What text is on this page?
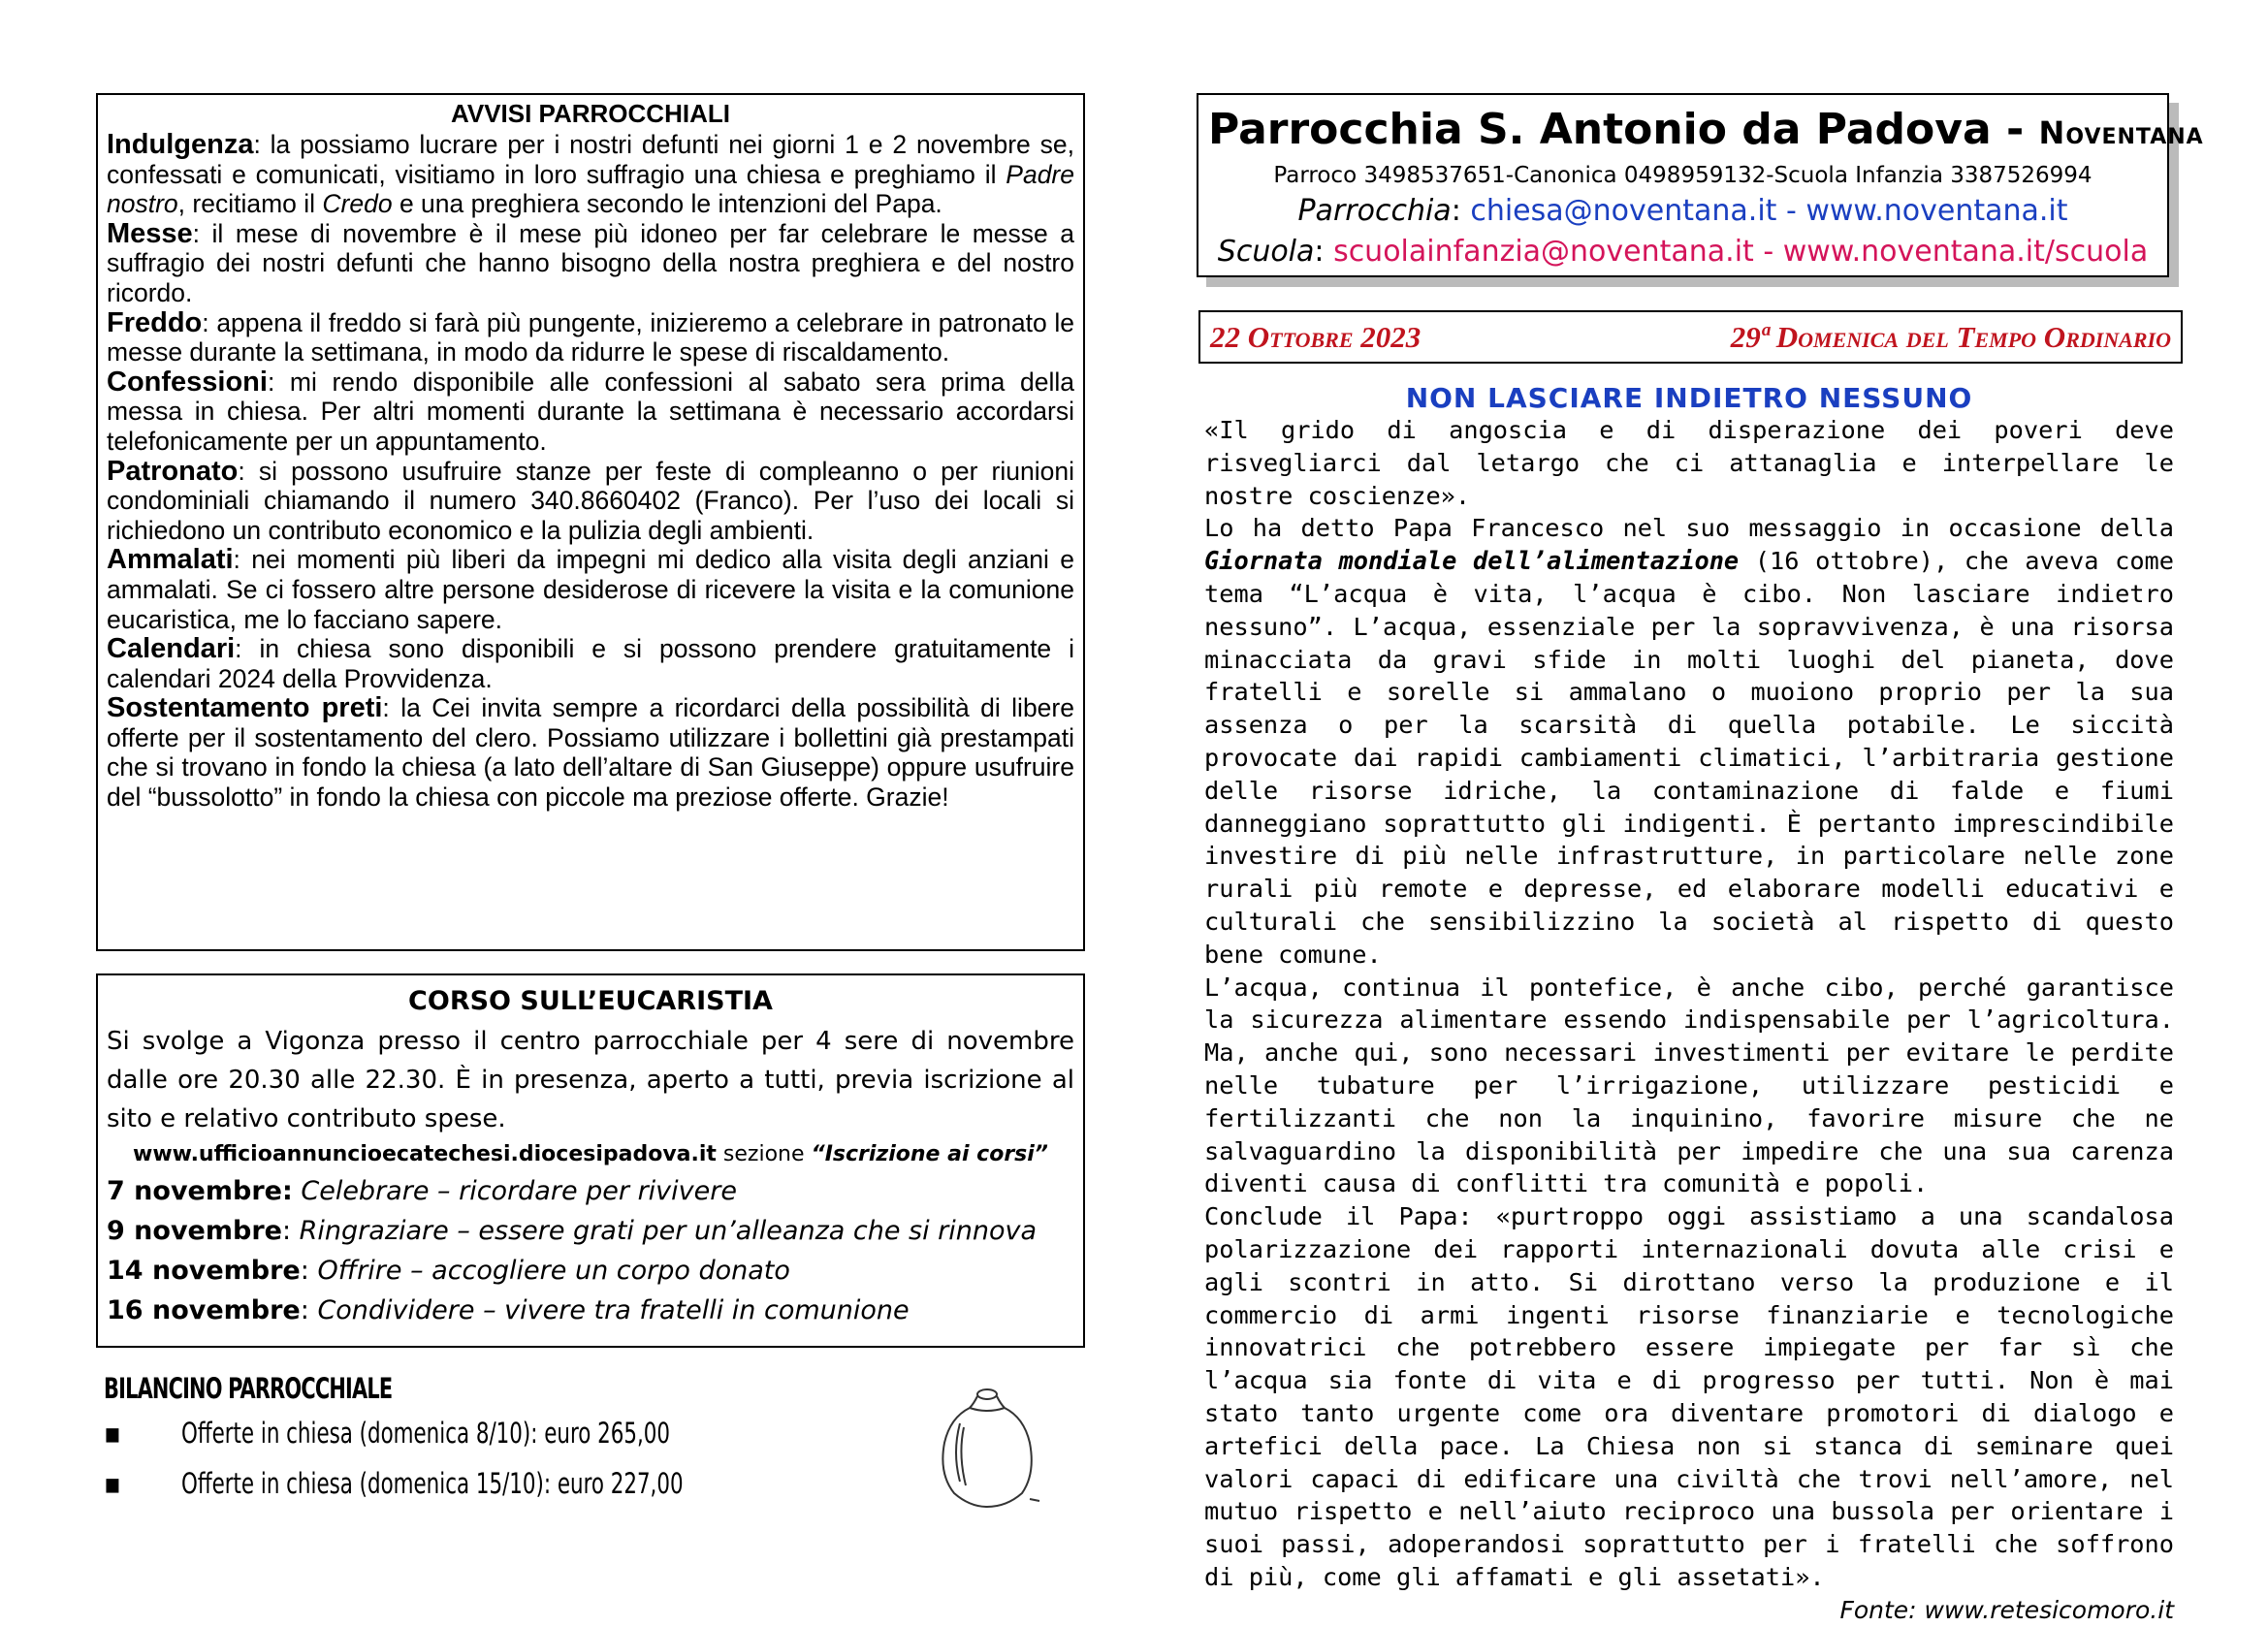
AVVISI PARROCCHIALI
Indulgenza: la possiamo lucrare per i nostri defunti nei giorni 1 e 2 novembre se, confessati e comunicati, visitiamo in loro suffragio una chiesa e preghiamo il Padre nostro, recitiamo il Credo e una preghiera secondo le intenzioni del Papa.
Messe: il mese di novembre è il mese più idoneo per far celebrare le messe a suffragio dei nostri defunti che hanno bisogno della nostra preghiera e del nostro ricordo.
Freddo: appena il freddo si farà più pungente, inizieremo a celebrare in patronato le messe durante la settimana, in modo da ridurre le spese di riscaldamento.
Confessioni: mi rendo disponibile alle confessioni al sabato sera prima della messa in chiesa. Per altri momenti durante la settimana è necessario accordarsi telefonicamente per un appuntamento.
Patronato: si possono usufruire stanze per feste di compleanno o per riunioni condominiali chiamando il numero 340.8660402 (Franco). Per l’uso dei locali si richiedono un contributo economico e la pulizia degli ambienti.
Ammalati: nei momenti più liberi da impegni mi dedico alla visita degli anziani e ammalati. Se ci fossero altre persone desiderose di ricevere la visita e la comunione eucaristica, me lo facciano sapere.
Calendari: in chiesa sono disponibili e si possono prendere gratuitamente i calendari 2024 della Provvidenza.
Sostentamento preti: la Cei invita sempre a ricordarci della possibilità di libere offerte per il sostentamento del clero. Possiamo utilizzare i bollettini già prestampati che si trovano in fondo la chiesa (a lato dell’altare di San Giuseppe) oppure usufruire del “bussolotto” in fondo la chiesa con piccole ma preziose offerte. Grazie!
CORSO SULL’EUCARISTIA
Si svolge a Vigonza presso il centro parrocchiale per 4 sere di novembre dalle ore 20.30 alle 22.30. È in presenza, aperto a tutti, previa iscrizione al sito e relativo contributo spese.
www.ufficioannuncioecatechesi.diocesipadova.it sezione “Iscrizione ai corsi”
7 novembre: Celebrare – ricordare per rivivere
9 novembre: Ringraziare – essere grati per un’alleanza che si rinnova
14 novembre: Offrire – accogliere un corpo donato
16 novembre: Condividere – vivere tra fratelli in comunione
BILANCINO PARROCCHIALE
▪	Offerte in chiesa (domenica 8/10): euro 265,00
▪	Offerte in chiesa (domenica 15/10): euro 227,00
Parrocchia S. Antonio da Padova - Noventana
Parroco 3498537651-Canonica 0498959132-Scuola Infanzia 3387526994
Parrocchia: chiesa@noventana.it - www.noventana.it
Scuola: scuolainfanzia@noventana.it - www.noventana.it/scuola
22 Ottobre 2023	29ª Domenica del Tempo Ordinario
NON LASCIARE INDIETRO NESSUNO

«Il grido di angoscia e di disperazione dei poveri deve risvegliarci dal letargo che ci attanaglia e interpellare le nostre coscienze».

Lo ha detto Papa Francesco nel suo messaggio in occasione della Giornata mondiale dell’alimentazione (16 ottobre), che aveva come tema “L’acqua è vita, l’acqua è cibo. Non lasciare indietro nessuno”. L’acqua, essenziale per la sopravvivenza, è una risorsa minacciata da gravi sfide in molti luoghi del pianeta, dove fratelli e sorelle si ammalano o muoiono proprio per la sua assenza o per la scarsità di quella potabile. Le siccità provocate dai rapidi cambiamenti climatici, l’arbitraria gestione delle risorse idriche, la contaminazione di falde e fiumi danneggiano soprattutto gli indigenti. È pertanto imprescindibile investire di più nelle infrastrutture, in particolare nelle zone rurali più remote e depresse, ed elaborare modelli educativi e culturali che sensibilizzino la società al rispetto di questo bene comune.

L’acqua, continua il pontefice, è anche cibo, perché garantisce la sicurezza alimentare essendo indispensabile per l’agricoltura. Ma, anche qui, sono necessari investimenti per evitare le perdite nelle tubature per l’irrigazione, utilizzare pesticidi e fertilizzanti che non la inquinino, favorire misure che ne salvaguardino la disponibilità per impedire che una sua carenza diventi causa di conflitti tra comunità e popoli.

Conclude il Papa: «purtroppo oggi assistiamo a una scandalosa polarizzazione dei rapporti internazionali dovuta alle crisi e agli scontri in atto. Si dirottano verso la produzione e il commercio di armi ingenti risorse finanziarie e tecnologiche innovatrici che potrebbero essere impiegate per far sì che l’acqua sia fonte di vita e di progresso per tutti. Non è mai stato tanto urgente come ora diventare promotori di dialogo e artefici della pace. La Chiesa non si stanca di seminare quei valori capaci di edificare una civiltà che trovi nell’amore, nel mutuo rispetto e nell’aiuto reciproco una bussola per orientare i suoi passi, adoperandosi soprattutto per i fratelli che soffrono di più, come gli affamati e gli assetati».

Fonte: www.retesicomoro.it
